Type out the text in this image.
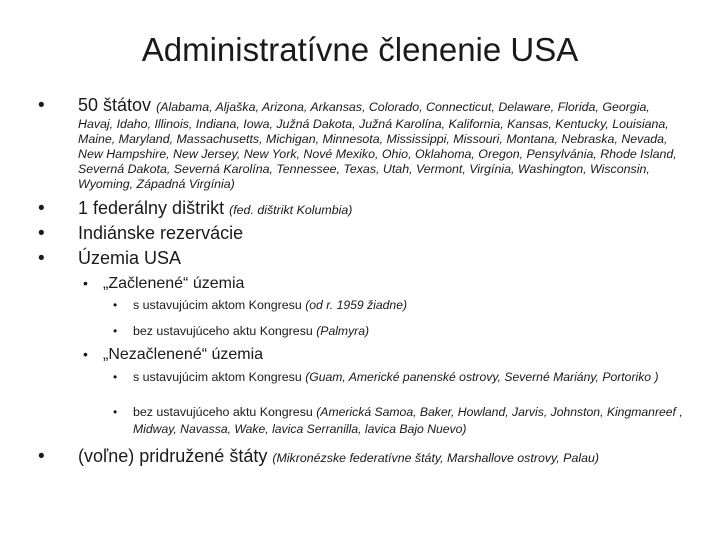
Administratívne členenie USA
•	50 štátov (Alabama, Aljaška, Arizona, Arkansas, Colorado, Connecticut, Delaware, Florida, Georgia,
Havaj, Idaho, Illinois, Indiana, Iowa, Južná Dakota, Južná Karolína, Kalifornia, Kansas, Kentucky, Louisiana, Maine, Maryland, Massachusetts, Michigan, Minnesota, Mississippi, Missouri, Montana, Nebraska, Nevada, New Hampshire, New Jersey, New York, Nové Mexiko, Ohio, Oklahoma, Oregon, Pensylvánia, Rhode Island, Severná Dakota, Severná Karolína, Tennessee, Texas, Utah, Vermont, Virgínia, Washington, Wisconsin, Wyoming, Západná Virgínia)
•	1 federálny dištrikt (fed. dištrikt Kolumbia)
•	Indiánske rezervácie
•	Územia USA
• „Začlenené“ územia
•	s ustavujúcim aktom Kongresu (od r. 1959 žiadne)
•	bez ustavujúceho aktu Kongresu (Palmyra)
• „Nezačlenené“ územia
•	s ustavujúcim aktom Kongresu (Guam, Americké panenské ostrovy, Severné Mariány, Portoriko )
•	bez ustavujúceho aktu Kongresu (Americká Samoa, Baker, Howland, Jarvis, Johnston, Kingmanreef , Midway, Navassa, Wake, lavica Serranilla, lavica Bajo Nuevo)
•	(voľne) pridružené štáty (Mikronézske federatívne štáty, Marshallove ostrovy, Palau)
